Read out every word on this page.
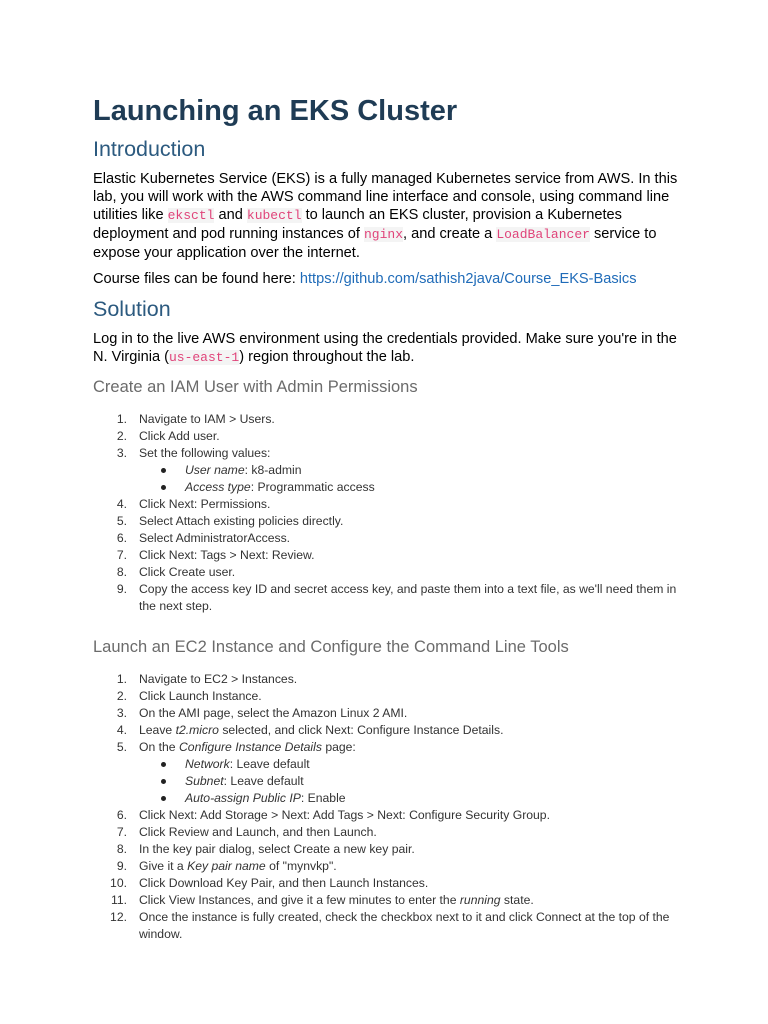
Launching an EKS Cluster
Introduction

Elastic Kubernetes Service (EKS) is a fully managed Kubernetes service from AWS. In this lab, you will work with the AWS command line interface and console, using command line utilities like eksctl and kubectl to launch an EKS cluster, provision a Kubernetes deployment and pod running instances of nginx, and create a LoadBalancer service to expose your application over the internet.

Course files can be found here: https://github.com/sathish2java/Course_EKS-Basics

Solution

Log in to the live AWS environment using the credentials provided. Make sure you're in the N. Virginia (us-east-1) region throughout the lab.

Create an IAM User with Admin Permissions
1. Navigate to IAM > Users.
2. Click Add user.
3. Set the following values:
User name: k8-admin
Access type: Programmatic access
4. Click Next: Permissions.
5. Select Attach existing policies directly.
6. Select AdministratorAccess.
7. Click Next: Tags > Next: Review.
8. Click Create user.
9. Copy the access key ID and secret access key, and paste them into a text file, as we'll need them in the next step.
Launch an EC2 Instance and Configure the Command Line Tools
1. Navigate to EC2 > Instances.
2. Click Launch Instance.
3. On the AMI page, select the Amazon Linux 2 AMI.
4. Leave t2.micro selected, and click Next: Configure Instance Details.
5. On the Configure Instance Details page:
Network: Leave default
Subnet: Leave default
Auto-assign Public IP: Enable
6. Click Next: Add Storage > Next: Add Tags > Next: Configure Security Group.
7. Click Review and Launch, and then Launch.
8. In the key pair dialog, select Create a new key pair.
9. Give it a Key pair name of "mynvkp".
10. Click Download Key Pair, and then Launch Instances.
11. Click View Instances, and give it a few minutes to enter the running state.
12. Once the instance is fully created, check the checkbox next to it and click Connect at the top of the window.
